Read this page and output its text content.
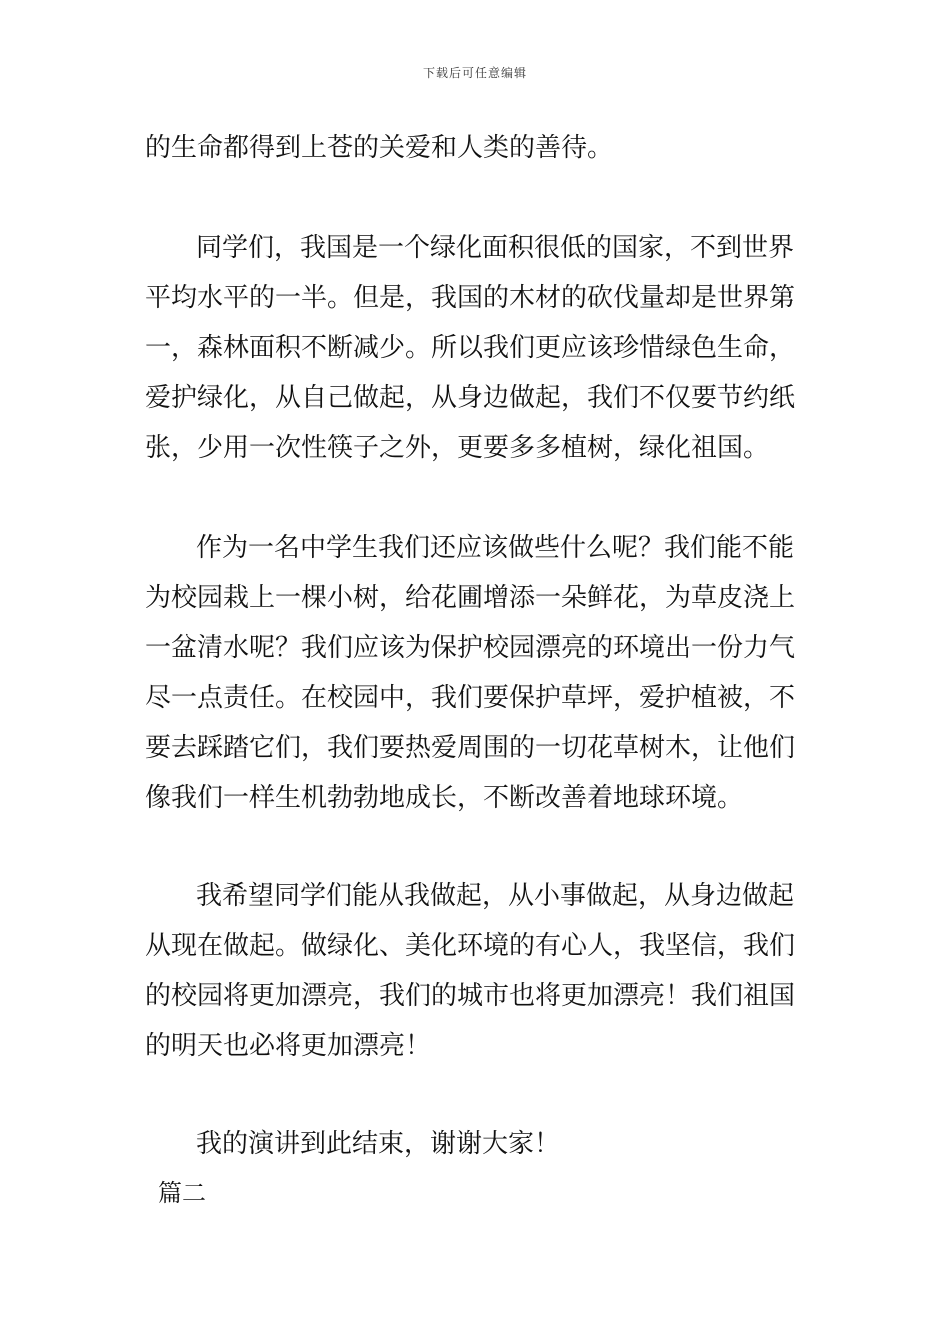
下载后可任意编辑
的生命都得到上苍的关爱和人类的善待。
　同学们，我国是一个绿化面积很低的国家，不到世界
平均水平的一半。但是，我国的木材的砍伐量却是世界第
一，森林面积不断减少。所以我们更应该珍惜绿色生命，
爱护绿化，从自己做起，从身边做起，我们不仅要节约纸
张，少用一次性筷子之外，更要多多植树，绿化祖国。
　作为一名中学生我们还应该做些什么呢？我们能不能
为校园栽上一棵小树，给花圃增添一朵鲜花，为草皮浇上
一盆清水呢？我们应该为保护校园漂亮的环境出一份力气
尽一点责任。在校园中，我们要保护草坪，爱护植被，不
要去踩踏它们，我们要热爱周围的一切花草树木，让他们
像我们一样生机勃勃地成长，不断改善着地球环境。
　我希望同学们能从我做起，从小事做起，从身边做起
从现在做起。做绿化、美化环境的有心人，我坚信，我们
的校园将更加漂亮，我们的城市也将更加漂亮！我们祖国
的明天也必将更加漂亮！
　我的演讲到此结束，谢谢大家！
篇二
